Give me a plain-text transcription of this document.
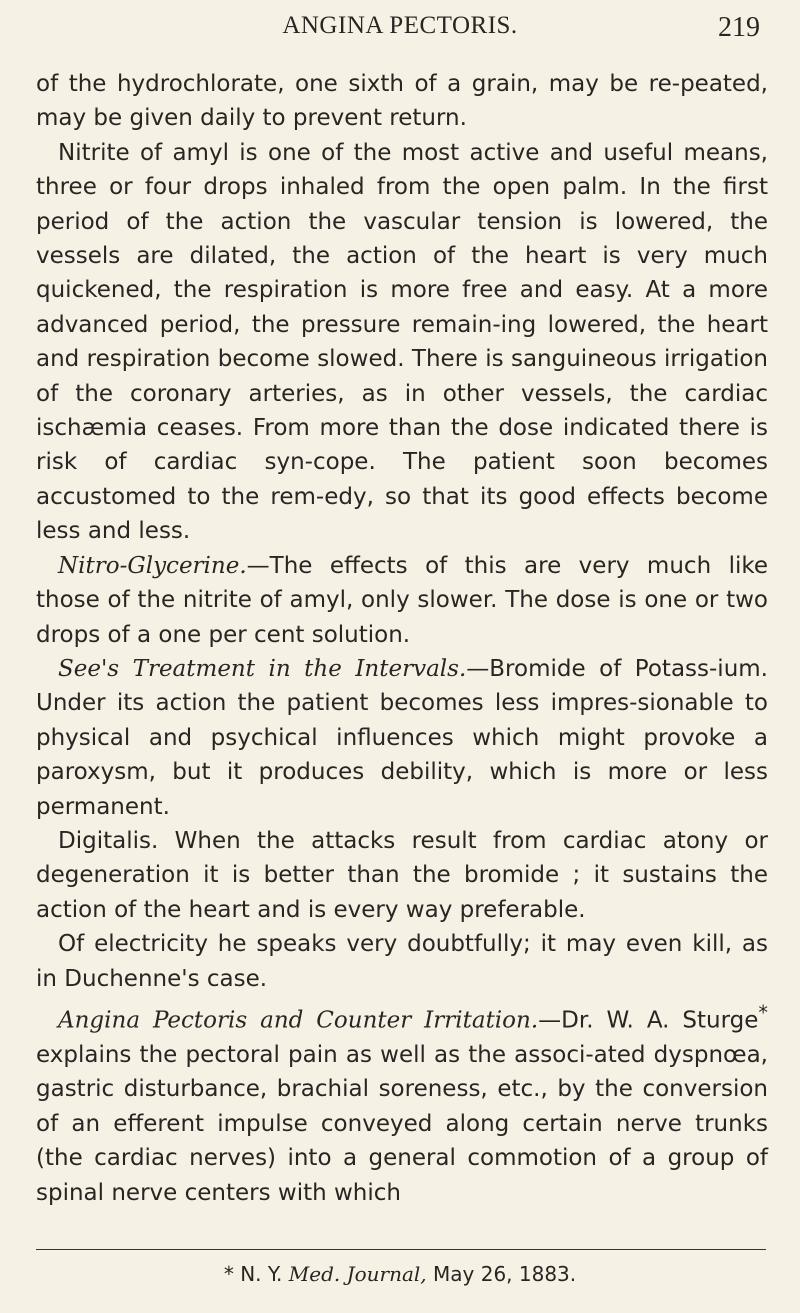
ANGINA PECTORIS.	219

of the hydrochlorate, one sixth of a grain, may be re-peated, may be given daily to prevent return.

Nitrite of amyl is one of the most active and useful means, three or four drops inhaled from the open palm. In the first period of the action the vascular tension is lowered, the vessels are dilated, the action of the heart is very much quickened, the respiration is more free and easy. At a more advanced period, the pressure remain-ing lowered, the heart and respiration become slowed. There is sanguineous irrigation of the coronary arteries, as in other vessels, the cardiac ischæmia ceases. From more than the dose indicated there is risk of cardiac syn-cope. The patient soon becomes accustomed to the rem-edy, so that its good effects become less and less.

Nitro-Glycerine.—The effects of this are very much like those of the nitrite of amyl, only slower. The dose is one or two drops of a one per cent solution.

See's Treatment in the Intervals.—Bromide of Potass-ium. Under its action the patient becomes less impres-sionable to physical and psychical influences which might provoke a paroxysm, but it produces debility, which is more or less permanent.

Digitalis. When the attacks result from cardiac atony or degeneration it is better than the bromide ; it sustains the action of the heart and is every way preferable.

Of electricity he speaks very doubtfully; it may even kill, as in Duchenne's case.

Angina Pectoris and Counter Irritation.—Dr. W. A. Sturge* explains the pectoral pain as well as the associ-ated dyspnœa, gastric disturbance, brachial soreness, etc., by the conversion of an efferent impulse conveyed along certain nerve trunks (the cardiac nerves) into a general commotion of a group of spinal nerve centers with which

* N. Y. Med. Journal, May 26, 1883.
